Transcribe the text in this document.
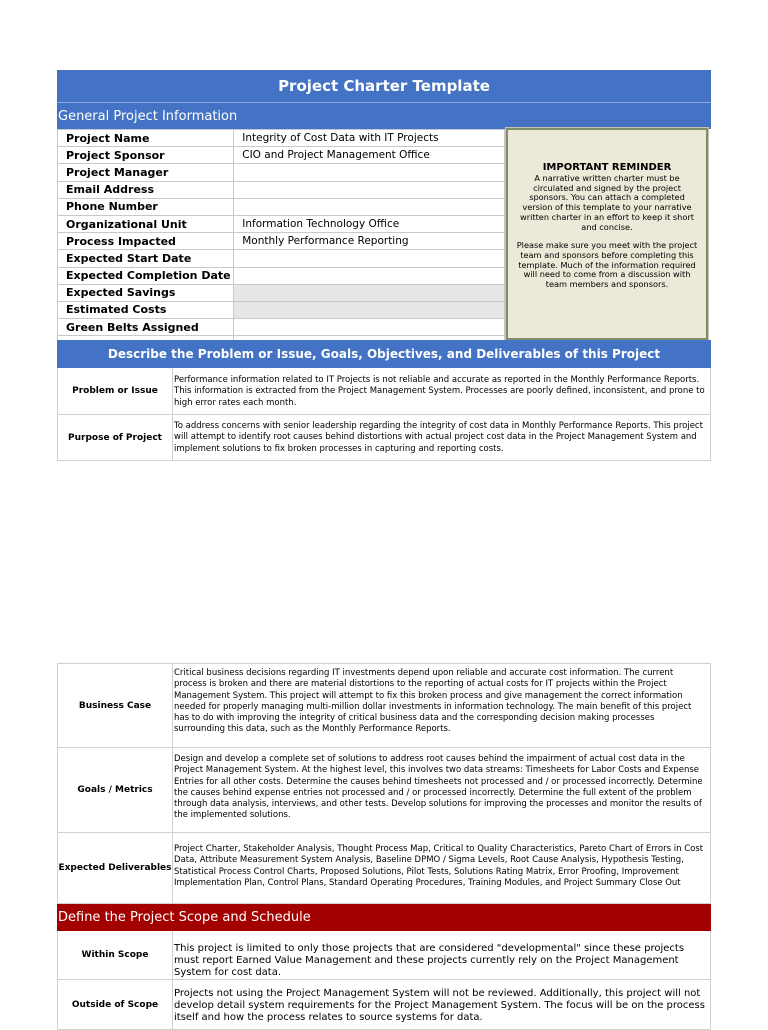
Project Charter Template
General Project Information
Project Name	Integrity of Cost Data with IT Projects
Project Sponsor	CIO and Project Management Office
Project Manager	
Email Address	
Phone Number	
Organizational Unit	Information Technology Office
Process Impacted	Monthly Performance Reporting
Expected Start Date	
Expected Completion Date	
Expected Savings	
Estimated Costs	
Green Belts Assigned	

IMPORTANT REMINDER
A narrative written charter must be circulated and signed by the project sponsors. You can attach a completed version of this template to your narrative written charter in an effort to keep it short and concise.
Please make sure you meet with the project team and sponsors before completing this template. Much of the information required will need to come from a discussion with team members and sponsors.
Describe the Problem or Issue, Goals, Objectives, and Deliverables of this Project
Problem or Issue
Performance information related to IT Projects is not reliable and accurate as reported in the Monthly Performance Reports. This information is extracted from the Project Management System. Processes are poorly defined, inconsistent, and prone to high error rates each month.
Purpose of Project
To address concerns with senior leadership regarding the integrity of cost data in Monthly Performance Reports. This project will attempt to identify root causes behind distortions with actual project cost data in the Project Management System and implement solutions to fix broken processes in capturing and reporting costs.
Business Case
Critical business decisions regarding IT investments depend upon reliable and accurate cost information. The current process is broken and there are material distortions to the reporting of actual costs for IT projects within the Project Management System. This project will attempt to fix this broken process and give management the correct information needed for properly managing multi-million dollar investments in information technology. The main benefit of this project has to do with improving the integrity of critical business data and the corresponding decision making processes surrounding this data, such as the Monthly Performance Reports.
Goals / Metrics
Design and develop a complete set of solutions to address root causes behind the impairment of actual cost data in the Project Management System. At the highest level, this involves two data streams: Timesheets for Labor Costs and Expense Entries for all other costs. Determine the causes behind timesheets not processed and / or processed incorrectly. Determine the causes behind expense entries not processed and / or processed incorrectly. Determine the full extent of the problem through data analysis, interviews, and other tests. Develop solutions for improving the processes and monitor the results of the implemented solutions.
Expected Deliverables
Project Charter, Stakeholder Analysis, Thought Process Map, Critical to Quality Characteristics, Pareto Chart of Errors in Cost Data, Attribute Measurement System Analysis, Baseline DPMO / Sigma Levels, Root Cause Analysis, Hypothesis Testing, Statistical Process Control Charts, Proposed Solutions, Pilot Tests, Solutions Rating Matrix, Error Proofing, Improvement Implementation Plan, Control Plans, Standard Operating Procedures, Training Modules, and Project Summary Close Out
Define the Project Scope and Schedule
Within Scope
This project is limited to only those projects that are considered "developmental" since these projects must report Earned Value Management and these projects currently rely on the Project Management System for cost data.
Outside of Scope
Projects not using the Project Management System will not be reviewed. Additionally, this project will not develop detail system requirements for the Project Management System. The focus will be on the process itself and how the process relates to source systems for data.
